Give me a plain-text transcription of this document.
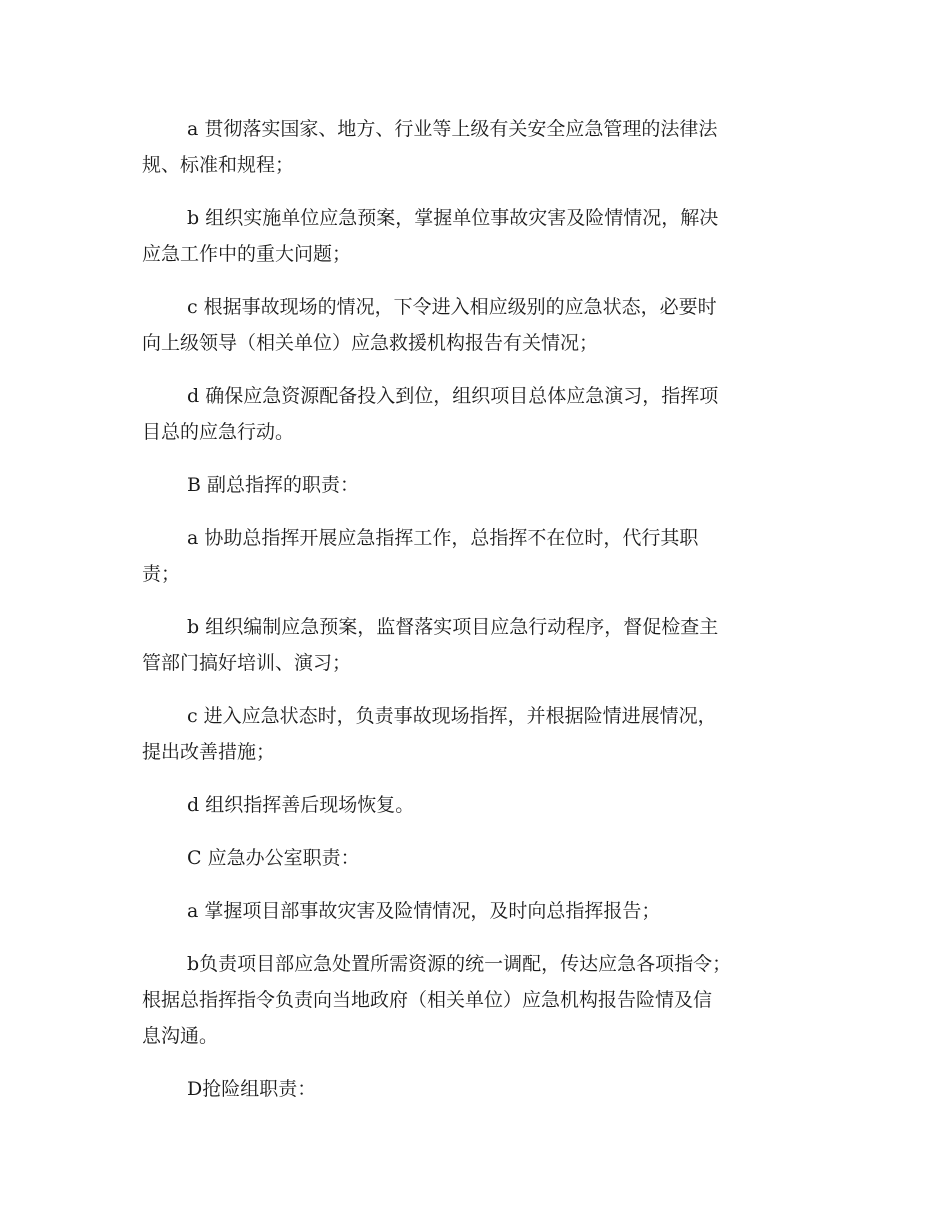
a 贯彻落实国家、地方、行业等上级有关安全应急管理的法律法
规、标准和规程；
b 组织实施单位应急预案，掌握单位事故灾害及险情情况，解决
应急工作中的重大问题；
c 根据事故现场的情况，下令进入相应级别的应急状态，必要时
向上级领导（相关单位）应急救援机构报告有关情况；
d 确保应急资源配备投入到位，组织项目总体应急演习，指挥项
目总的应急行动。
B 副总指挥的职责：
a 协助总指挥开展应急指挥工作，总指挥不在位时，代行其职
责；
b 组织编制应急预案，监督落实项目应急行动程序，督促检查主
管部门搞好培训、演习；
c 进入应急状态时，负责事故现场指挥，并根据险情进展情况，
提出改善措施；
d 组织指挥善后现场恢复。
C 应急办公室职责：
a 掌握项目部事故灾害及险情情况，及时向总指挥报告；
b负责项目部应急处置所需资源的统一调配，传达应急各项指令；
根据总指挥指令负责向当地政府（相关单位）应急机构报告险情及信
息沟通。
D抢险组职责：
